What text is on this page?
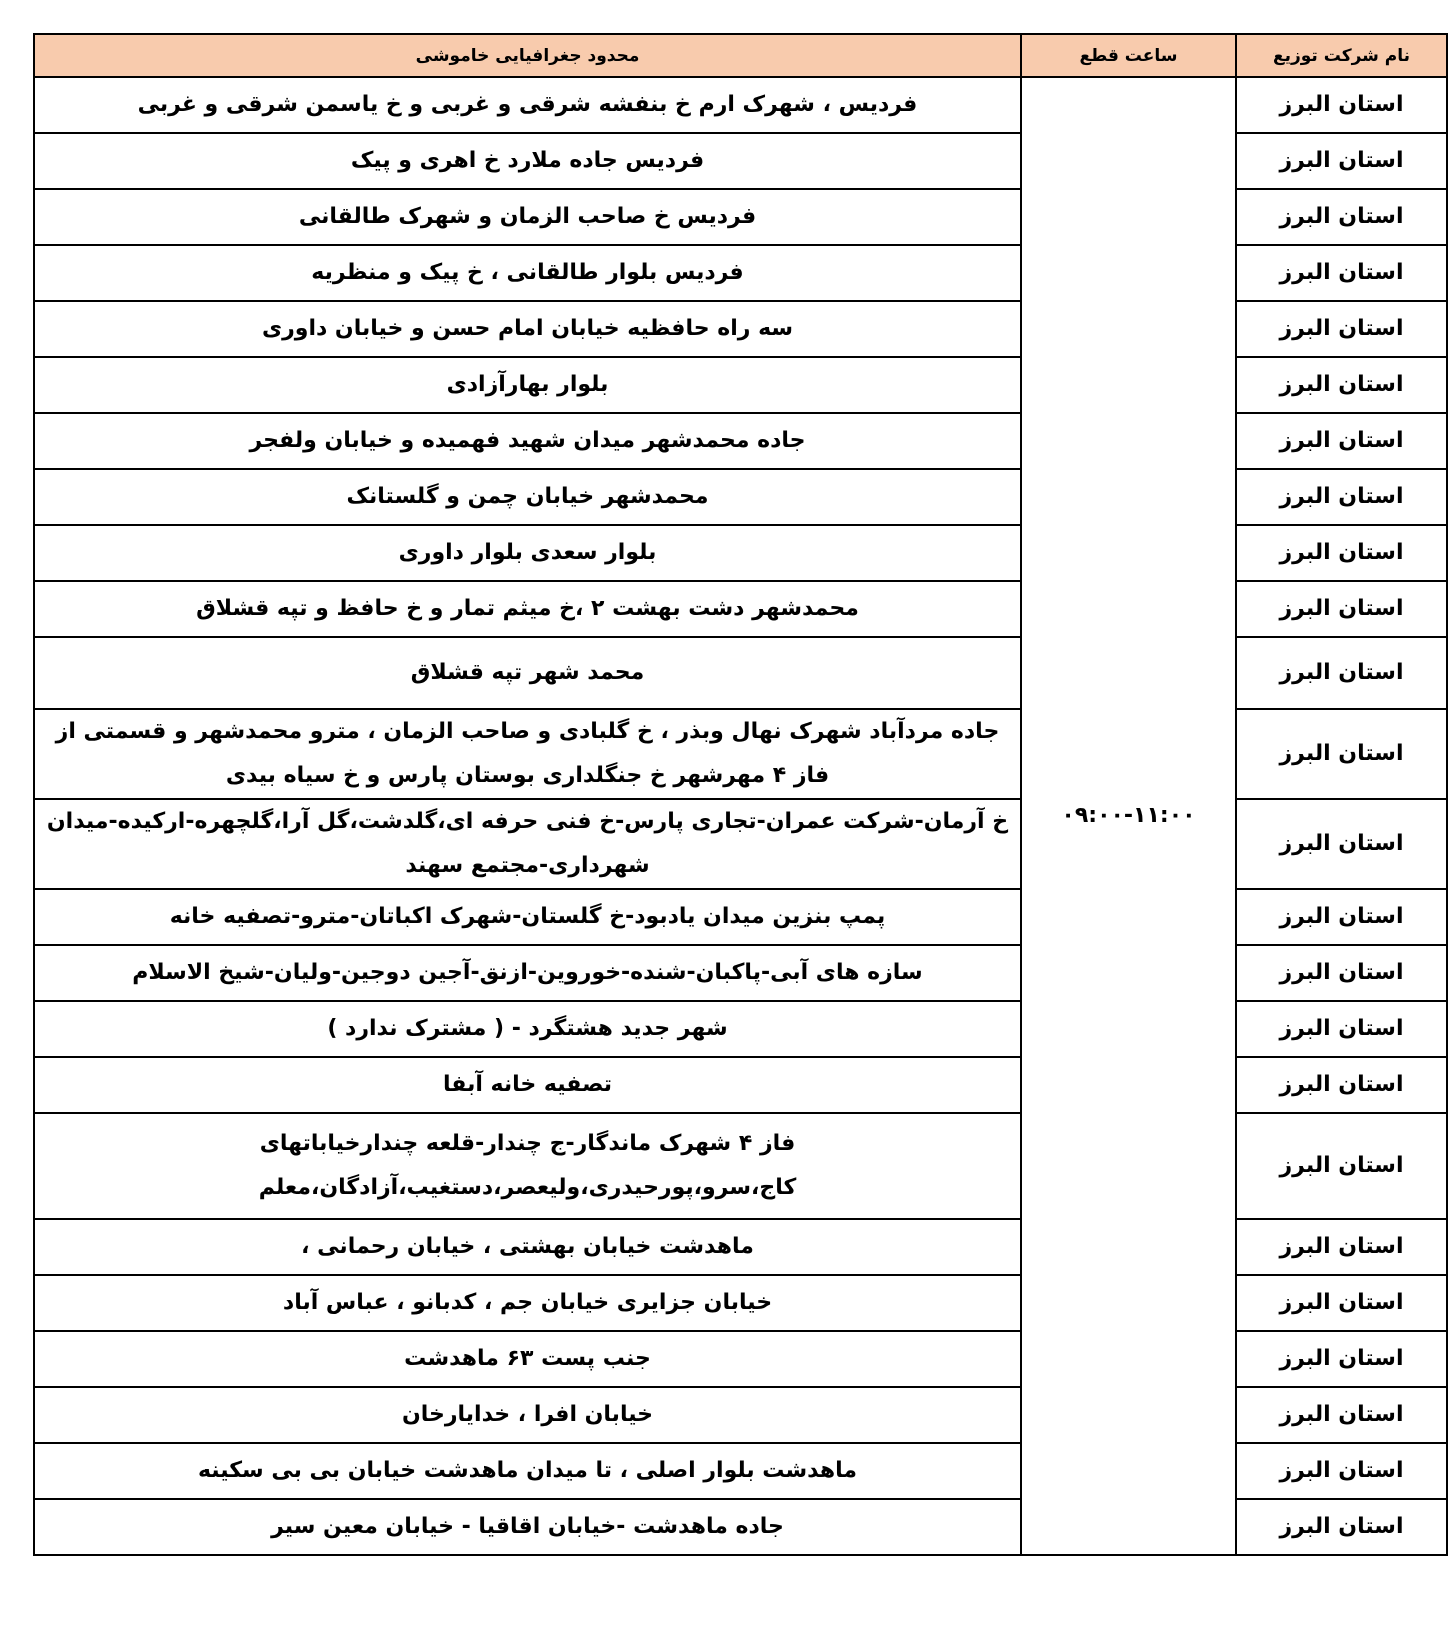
محدود جغرافیایی خاموشی	ساعت قطع	نام شرکت توزیع
فردیس ، شهرک ارم خ بنفشه شرقی و غربی و خ یاسمن شرقی و غربی	۰۹:۰۰-۱۱:۰۰	استان البرز
فردیس جاده ملارد خ اهری و پیک		استان البرز
فردیس خ صاحب الزمان و شهرک طالقانی		استان البرز
فردیس بلوار طالقانی ، خ پیک و منظریه		استان البرز
سه راه حافظیه خیابان امام حسن و خیابان داوری		استان البرز
بلوار بهارآزادی		استان البرز
جاده محمدشهر میدان شهید فهمیده و خیابان ولفجر		استان البرز
محمدشهر خیابان چمن و گلستانک		استان البرز
بلوار سعدی بلوار داوری		استان البرز
محمدشهر دشت بهشت ۲ ،خ میثم تمار و خ حافظ و تپه قشلاق		استان البرز
محمد شهر تپه قشلاق		استان البرز
جاده مردآباد شهرک نهال وبذر ، خ گلبادی و صاحب الزمان ، مترو محمدشهر و قسمتی از فاز ۴ مهرشهر خ جنگلداری بوستان پارس و خ سیاه بیدی		استان البرز
خ آرمان-شرکت عمران-تجاری پارس-خ فنی حرفه ای،گلدشت،گل آرا،گلچهره-ارکیده-میدان شهرداری-مجتمع سهند		استان البرز
پمپ بنزین میدان یادبود-خ گلستان-شهرک اکباتان-مترو-تصفیه خانه		استان البرز
سازه های آبی-پاکبان-شنده-خوروین-ازنق-آجین دوجین-ولیان-شیخ الاسلام		استان البرز
شهر جدید هشتگرد - ( مشترک ندارد )		استان البرز
تصفیه خانه آبفا		استان البرز
فاز ۴ شهرک ماندگار-ج چندار-قلعه چندارخیاباتهای کاج،سرو،پورحیدری،ولیعصر،دستغیب،آزادگان،معلم		استان البرز
ماهدشت خیابان بهشتی ، خیابان رحمانی ،		استان البرز
خیابان جزایری خیابان جم ، کدبانو ، عباس آباد		استان البرز
جنب پست ۶۳ ماهدشت		استان البرز
خیابان افرا ، خدایارخان		استان البرز
ماهدشت بلوار اصلی ، تا میدان ماهدشت خیابان بی بی سکینه		استان البرز
جاده ماهدشت -خیابان اقاقیا - خیابان معین سیر		استان البرز
